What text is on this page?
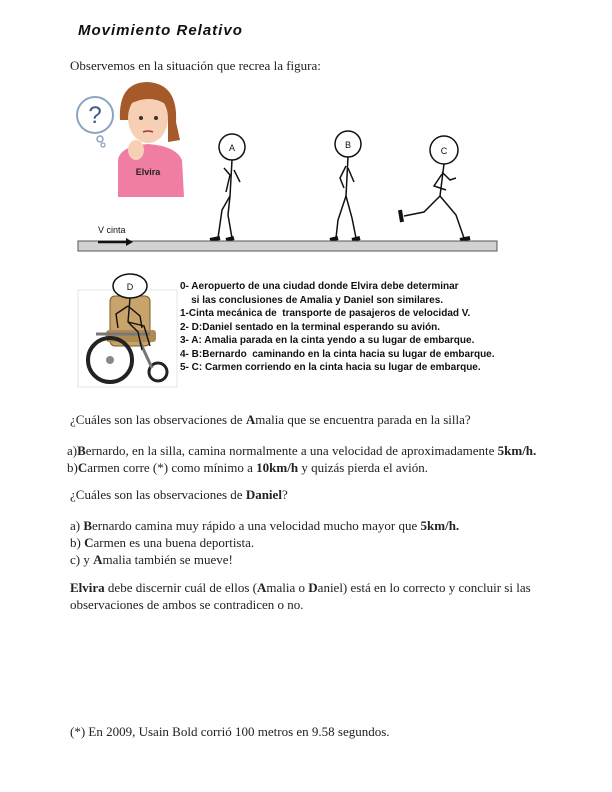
Movimiento Relativo
Observemos en la situación que recrea la figura:
?
Elvira
A	B
C
V cinta
D	0- Aeropuerto de una ciudad donde Elvira debe determinar
si las conclusiones de Amalia y Daniel son similares.
1-Cinta mecánica de  transporte de pasajeros de velocidad V.
2- D:Daniel sentado en la terminal esperando su avión.
3- A: Amalia parada en la cinta yendo a su lugar de embarque.
4- B:Bernardo  caminando en la cinta hacia su lugar de embarque.
5- C: Carmen corriendo en la cinta hacia su lugar de embarque.
¿Cuáles son las observaciones de Amalia que se encuentra parada en la silla?
a)Bernardo, en la silla, camina normalmente a una velocidad de aproximadamente 5km/h.
b)Carmen corre (*) como mínimo a 10km/h y quizás pierda el avión.
¿Cuáles son las observaciones de Daniel?
a) Bernardo camina muy rápido a una velocidad mucho mayor que 5km/h.
b) Carmen es una buena deportista.
c) y Amalia también se mueve!
Elvira debe discernir cuál de ellos (Amalia o Daniel) está en lo correcto y concluir si las
observaciones de ambos se contradicen o no.
(*) En 2009, Usain Bold corrió 100 metros en 9.58 segundos.
